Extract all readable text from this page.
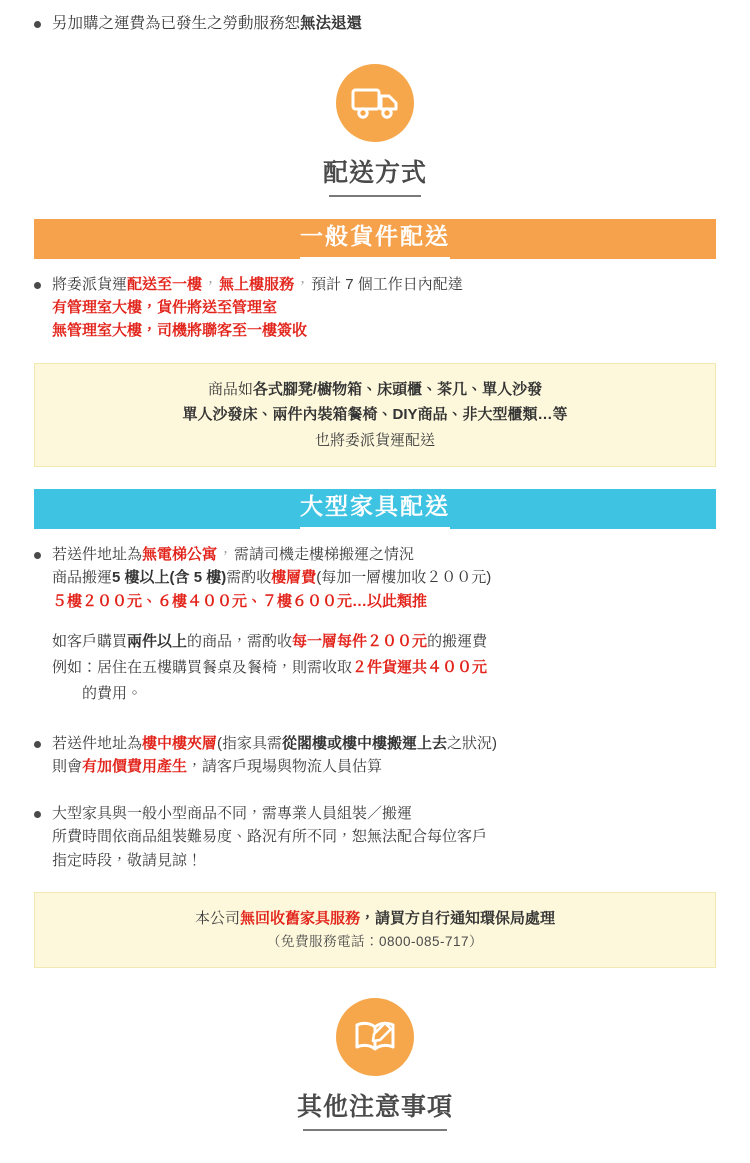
另加購之運費為已發生之勞動服務恕無法退還
配送方式
一般貨件配送
將委派貨運配送至一樓，無上樓服務，預計 7 個工作日內配達
有管理室大樓，貨件將送至管理室
無管理室大樓，司機將聯客至一樓簽收
商品如各式腳凳/櫥物箱、床頭櫃、茶几、單人沙發
單人沙發床、兩件內裝箱餐椅、DIY商品、非大型櫃類…等
也將委派貨運配送
大型家具配送
若送件地址為無電梯公寓，需請司機走樓梯搬運之情況
商品搬運5 樓以上(含 5 樓)需酌收樓層費(每加一層樓加收２００元)
５樓２００元、６樓４００元、７樓６００元…以此類推
如客戶購買兩件以上的商品，需酌收每一層每件２００元的搬運費
例如：居住在五樓購買餐桌及餐椅，則需收取２件貨運共４００元
的費用。
若送件地址為樓中樓夾層(指家具需從閣樓或樓中樓搬運上去之狀況)
則會有加價費用產生，請客戶現場與物流人員估算
大型家具與一般小型商品不同，需專業人員組裝／搬運
所費時間依商品組裝難易度、路況有所不同，恕無法配合每位客戶
指定時段，敬請見諒！
本公司無回收舊家具服務，請買方自行通知環保局處理
（免費服務電話：0800-085-717）
其他注意事項
